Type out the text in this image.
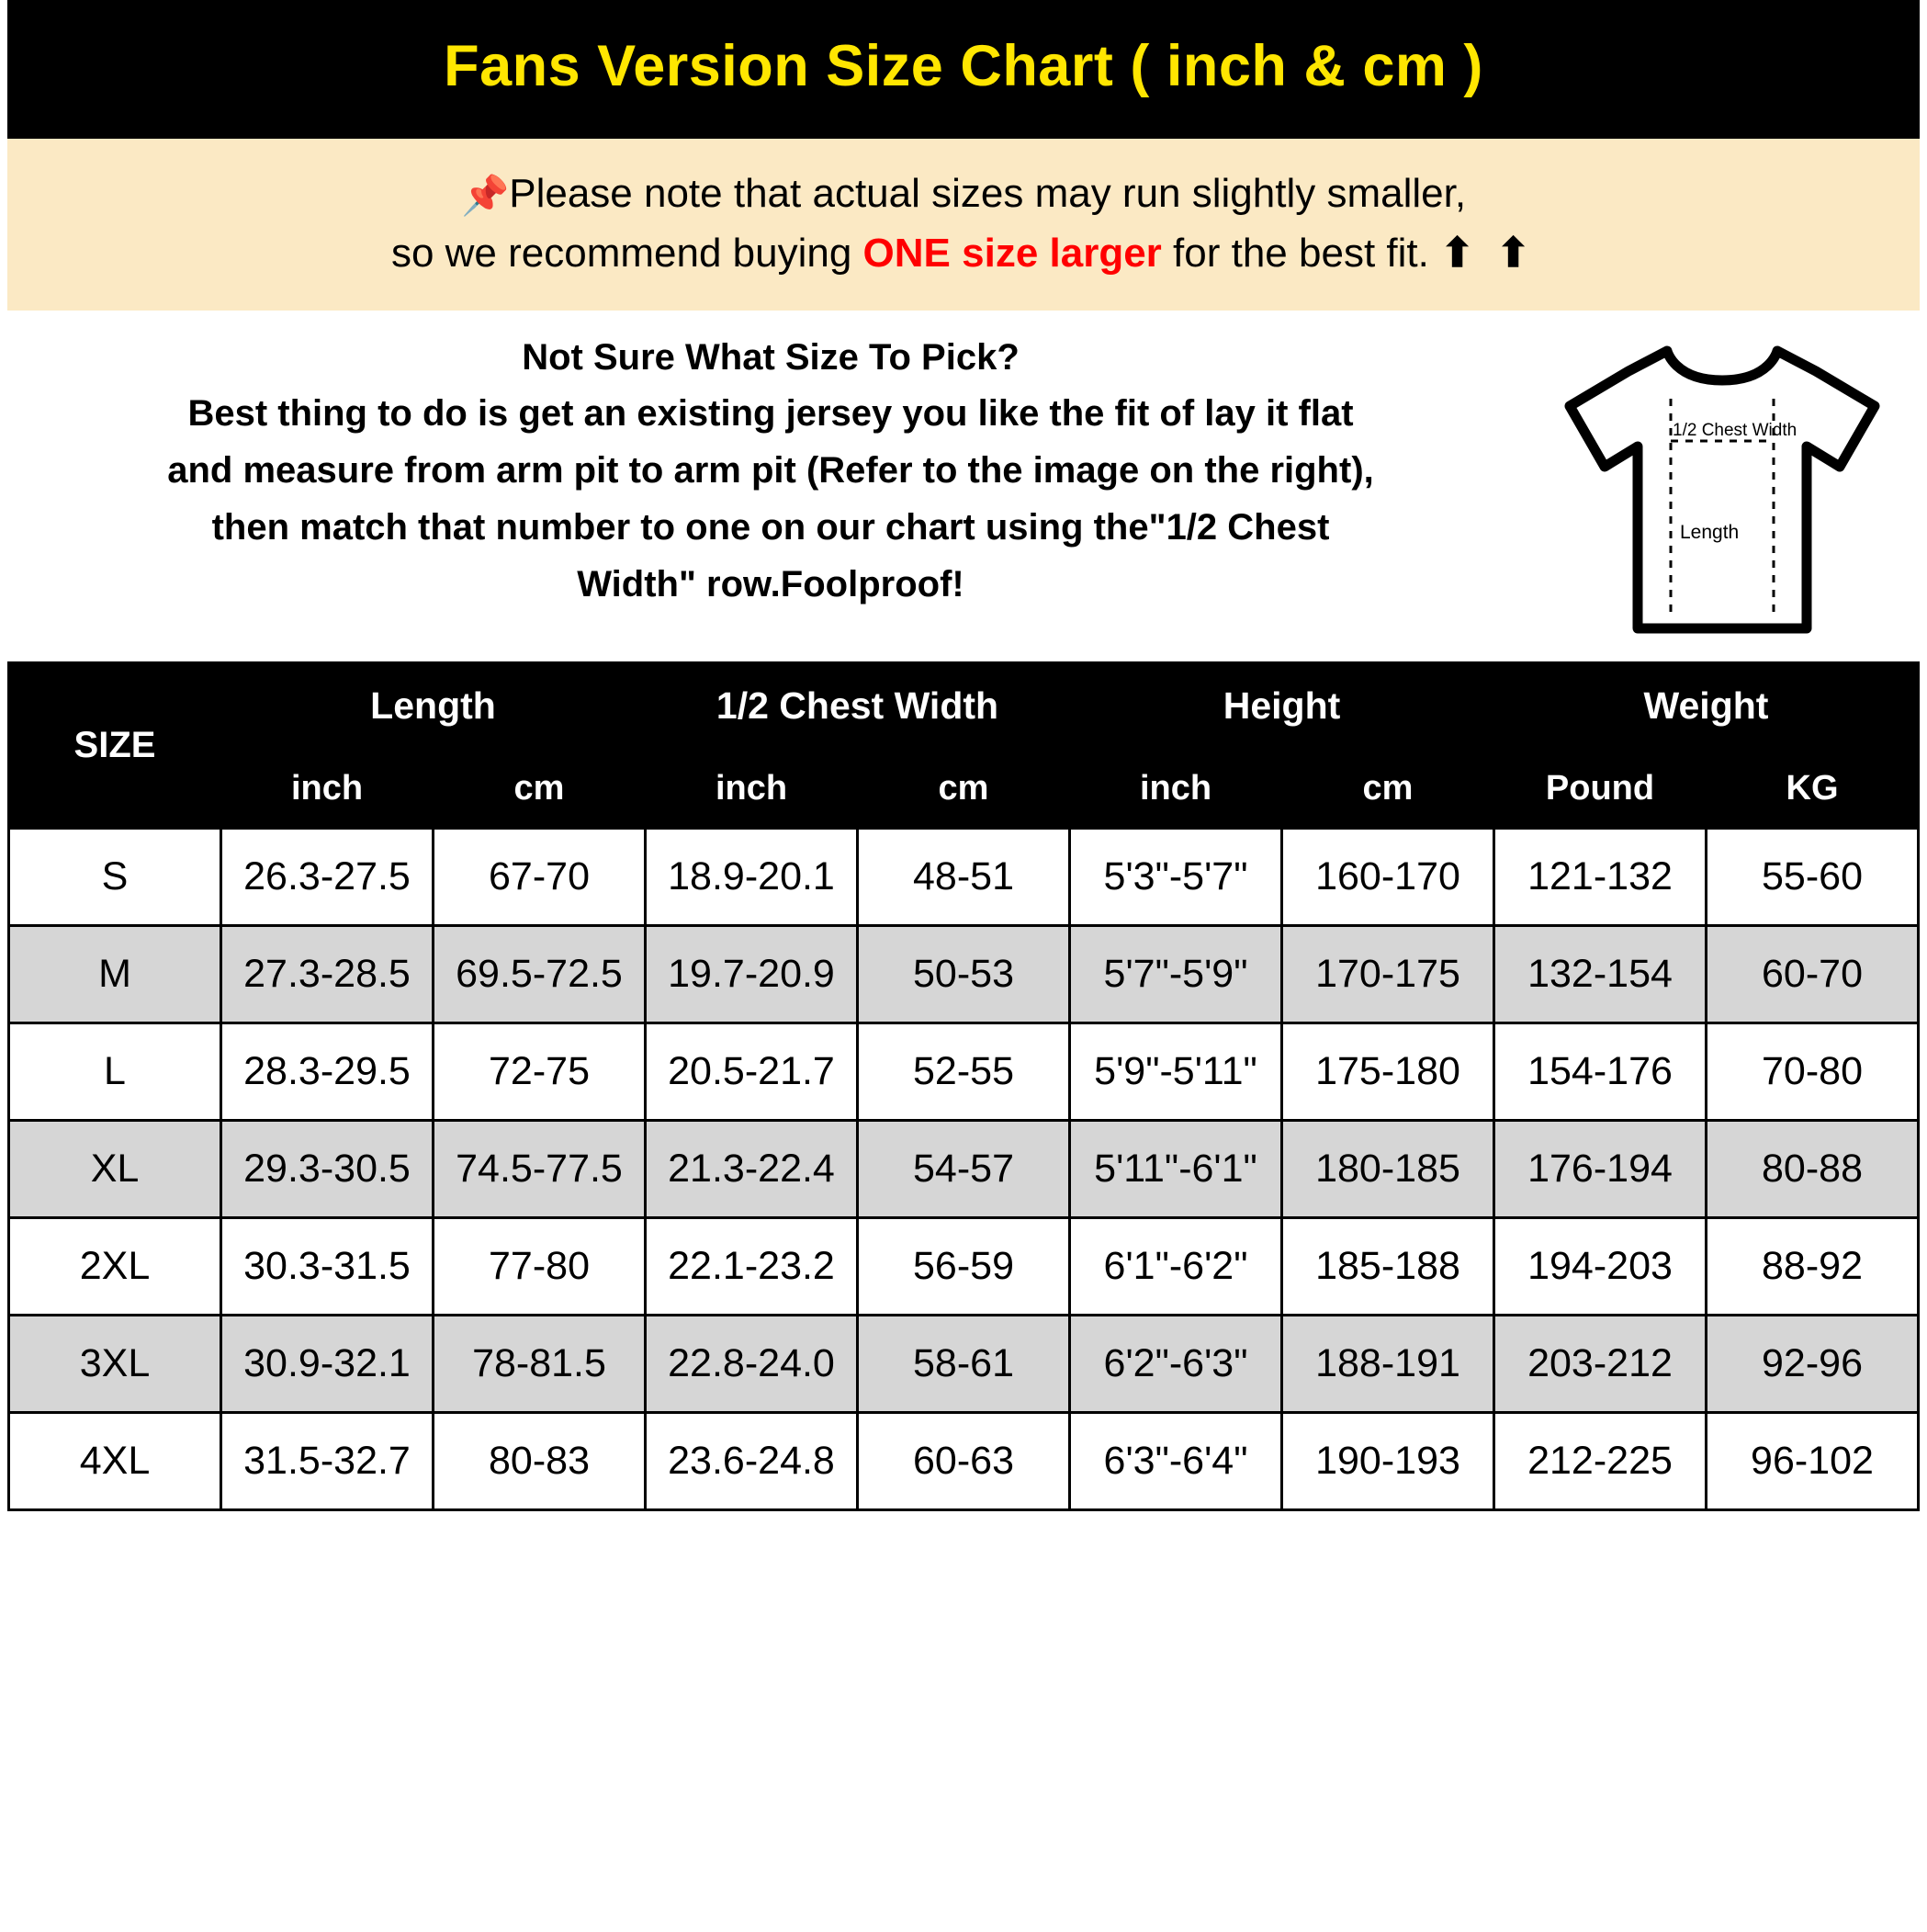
Fans Version Size Chart ( inch & cm )
📌Please note that actual sizes may run slightly smaller,
so we recommend buying ONE size larger for the best fit. ⬆ ⬆
Not Sure What Size To Pick?
Best thing to do is get an existing jersey you like the fit of lay it flat
and measure from arm pit to arm pit (Refer to the image on the right),
then match that number to one on our chart using the"1/2 Chest
Width" row.Foolproof!
1/2 Chest Width
Length
SIZE	Length		1/2 Chest Width		Height		Weight	
	inch	cm	inch	cm	inch	cm	Pound	KG
S	26.3-27.5	67-70	18.9-20.1	48-51	5'3"-5'7"	160-170	121-132	55-60
M	27.3-28.5	69.5-72.5	19.7-20.9	50-53	5'7"-5'9"	170-175	132-154	60-70
L	28.3-29.5	72-75	20.5-21.7	52-55	5'9"-5'11"	175-180	154-176	70-80
XL	29.3-30.5	74.5-77.5	21.3-22.4	54-57	5'11"-6'1"	180-185	176-194	80-88
2XL	30.3-31.5	77-80	22.1-23.2	56-59	6'1"-6'2"	185-188	194-203	88-92
3XL	30.9-32.1	78-81.5	22.8-24.0	58-61	6'2"-6'3"	188-191	203-212	92-96
4XL	31.5-32.7	80-83	23.6-24.8	60-63	6'3"-6'4"	190-193	212-225	96-102
